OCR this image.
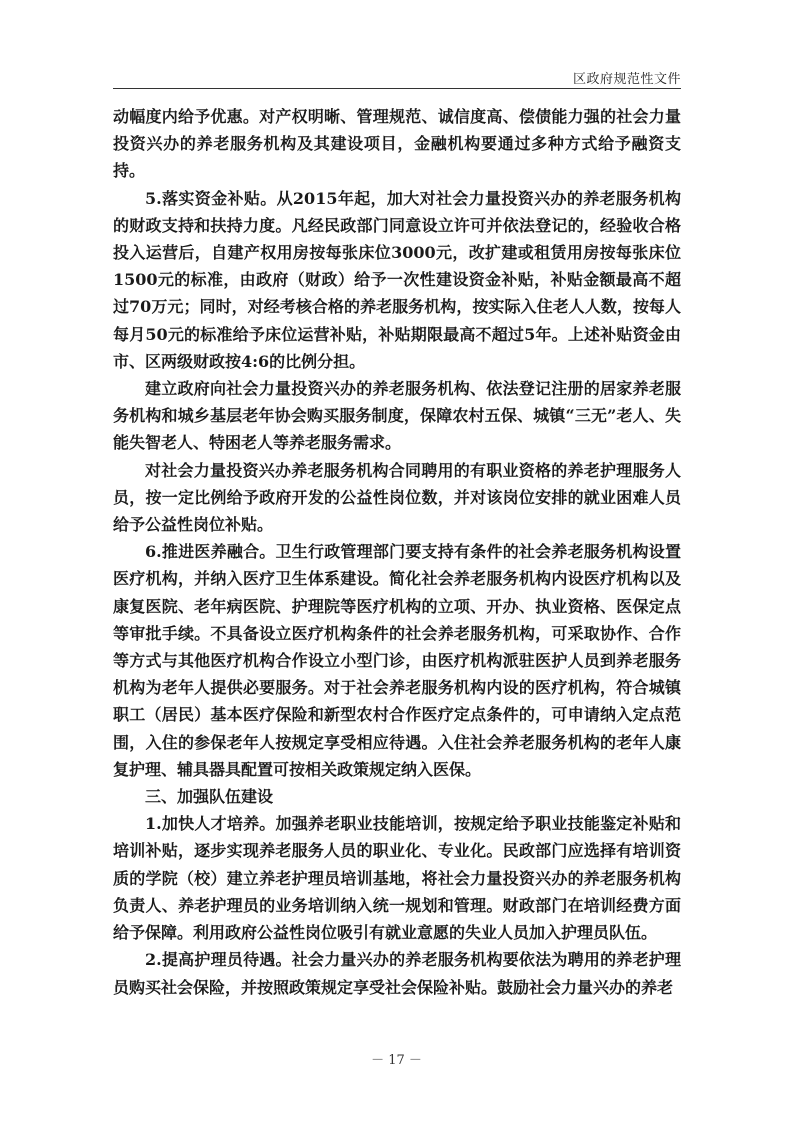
区政府规范性文件

动幅度内给予优惠。对产权明晰、管理规范、诚信度高、偿债能力强的社会力量投资兴办的养老服务机构及其建设项目，金融机构要通过多种方式给予融资支持。

5.落实资金补贴。从2015年起，加大对社会力量投资兴办的养老服务机构的财政支持和扶持力度。凡经民政部门同意设立许可并依法登记的，经验收合格投入运营后，自建产权用房按每张床位3000元，改扩建或租赁用房按每张床位1500元的标准，由政府（财政）给予一次性建设资金补贴，补贴金额最高不超过70万元；同时，对经考核合格的养老服务机构，按实际入住老人人数，按每人每月50元的标准给予床位运营补贴，补贴期限最高不超过5年。上述补贴资金由市、区两级财政按4:6的比例分担。

建立政府向社会力量投资兴办的养老服务机构、依法登记注册的居家养老服务机构和城乡基层老年协会购买服务制度，保障农村五保、城镇“三无”老人、失能失智老人、特困老人等养老服务需求。

对社会力量投资兴办养老服务机构合同聘用的有职业资格的养老护理服务人员，按一定比例给予政府开发的公益性岗位数，并对该岗位安排的就业困难人员给予公益性岗位补贴。

6.推进医养融合。卫生行政管理部门要支持有条件的社会养老服务机构设置医疗机构，并纳入医疗卫生体系建设。简化社会养老服务机构内设医疗机构以及康复医院、老年病医院、护理院等医疗机构的立项、开办、执业资格、医保定点等审批手续。不具备设立医疗机构条件的社会养老服务机构，可采取协作、合作等方式与其他医疗机构合作设立小型门诊，由医疗机构派驻医护人员到养老服务机构为老年人提供必要服务。对于社会养老服务机构内设的医疗机构，符合城镇职工（居民）基本医疗保险和新型农村合作医疗定点条件的，可申请纳入定点范围，入住的参保老年人按规定享受相应待遇。入住社会养老服务机构的老年人康复护理、辅具器具配置可按相关政策规定纳入医保。

三、加强队伍建设

1.加快人才培养。加强养老职业技能培训，按规定给予职业技能鉴定补贴和培训补贴，逐步实现养老服务人员的职业化、专业化。民政部门应选择有培训资质的学院（校）建立养老护理员培训基地，将社会力量投资兴办的养老服务机构负责人、养老护理员的业务培训纳入统一规划和管理。财政部门在培训经费方面给予保障。利用政府公益性岗位吸引有就业意愿的失业人员加入护理员队伍。

2.提高护理员待遇。社会力量兴办的养老服务机构要依法为聘用的养老护理员购买社会保险，并按照政策规定享受社会保险补贴。鼓励社会力量兴办的养老

－ 17 －
